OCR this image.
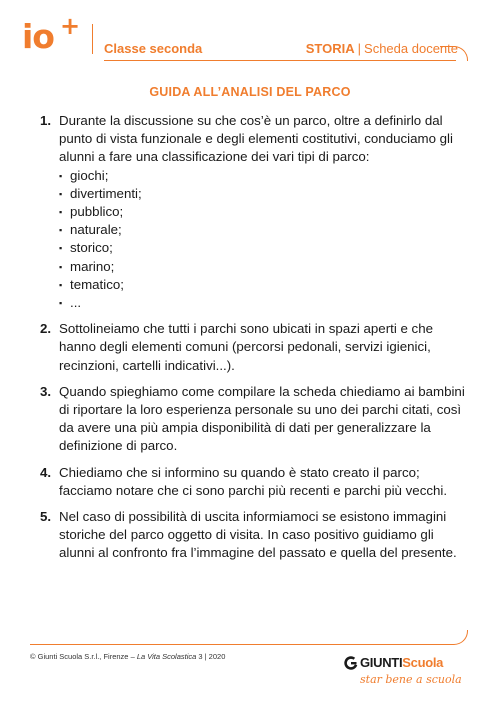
io +
Classe seconda	STORIA | Scheda docente
GUIDA ALL’ANALISI DEL PARCO
1. Durante la discussione su che cos’è un parco, oltre a definirlo dal punto di vista funzionale e degli elementi costitutivi, conduciamo gli alunni a fare una classificazione dei vari tipi di parco:
▪ giochi;
▪ divertimenti;
▪ pubblico;
▪ naturale;
▪ storico;
▪ marino;
▪ tematico;
▪ ...
2. Sottolineiamo che tutti i parchi sono ubicati in spazi aperti e che hanno degli elementi comuni (percorsi pedonali, servizi igienici, recinzioni, cartelli indicativi...).
3. Quando spieghiamo come compilare la scheda chiediamo ai bambini di riportare la loro esperienza personale su uno dei parchi citati, così da avere una più ampia disponibilità di dati per generalizzare la definizione di parco.
4. Chiediamo che si informino su quando è stato creato il parco; facciamo notare che ci sono parchi più recenti e parchi più vecchi.
5. Nel caso di possibilità di uscita informiamoci se esistono immagini storiche del parco oggetto di visita. In caso positivo guidiamo gli alunni al confronto fra l’immagine del passato e quella del presente.
© Giunti Scuola S.r.l., Firenze – La Vita Scolastica 3 | 2020	GIUNTIScuola
star bene a scuola
